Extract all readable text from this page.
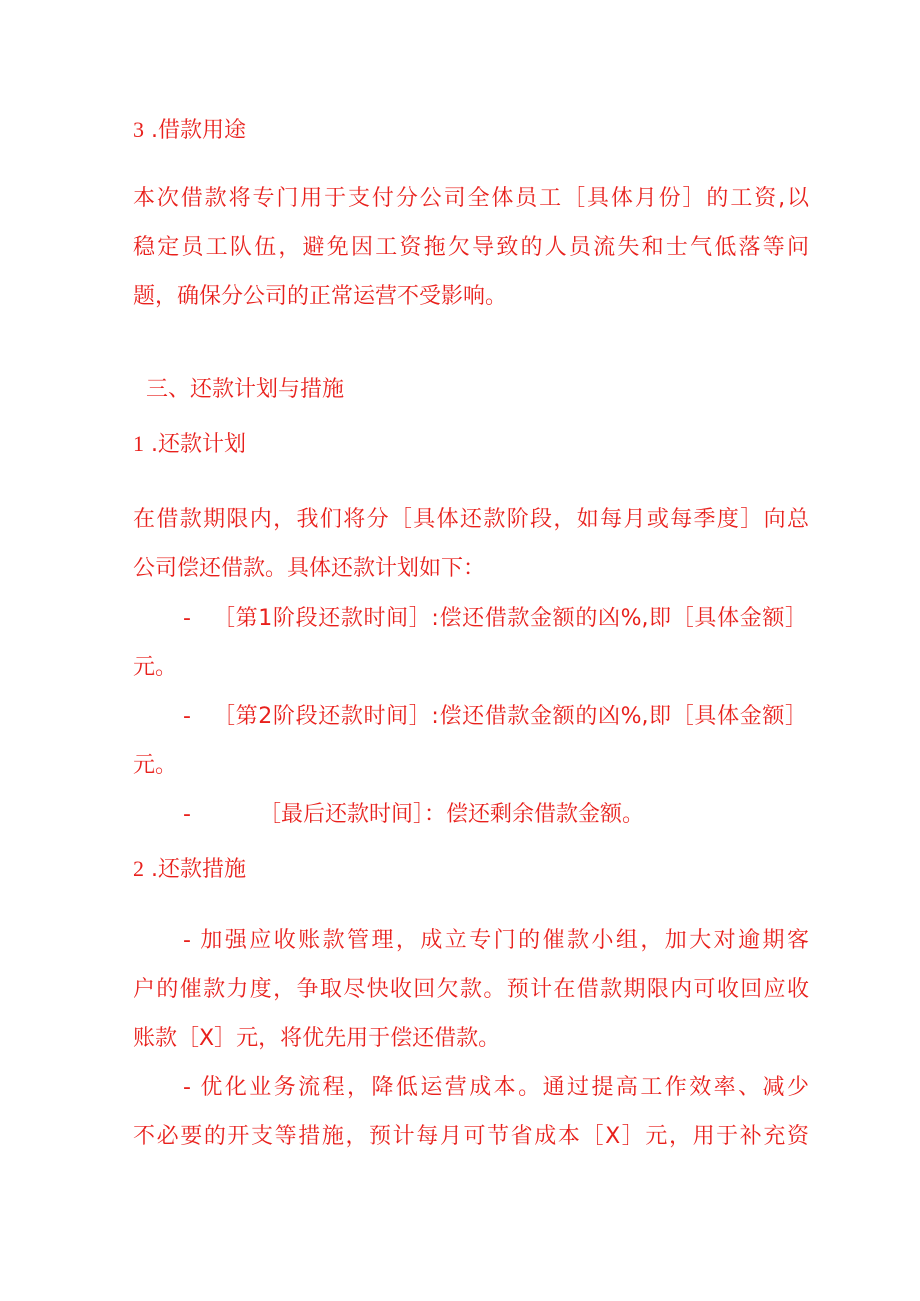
3 .借款用途
本次借款将专门用于支付分公司全体员工［具体月份］的工资,以
稳定员工队伍，避免因工资拖欠导致的人员流失和士气低落等问
题，确保分公司的正常运营不受影响。
三、还款计划与措施
1 .还款计划
在借款期限内，我们将分［具体还款阶段，如每月或每季度］向总
公司偿还借款。具体还款计划如下：
- ［第1阶段还款时间］:偿还借款金额的凶%,即［具体金额］
元。
- ［第2阶段还款时间］:偿还借款金额的凶%,即［具体金额］
元。
-	［最后还款时间］：偿还剩余借款金额。
2 .还款措施
- 加强应收账款管理，成立专门的催款小组，加大对逾期客
户的催款力度，争取尽快收回欠款。预计在借款期限内可收回应收
账款［X］元，将优先用于偿还借款。
- 优化业务流程，降低运营成本。通过提高工作效率、减少
不必要的开支等措施，预计每月可节省成本［X］元，用于补充资
